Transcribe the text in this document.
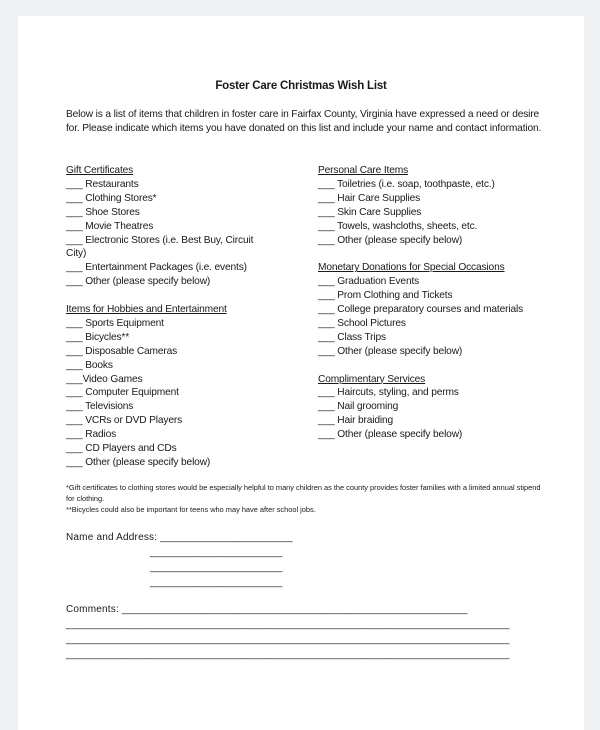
Foster Care Christmas Wish List
Below is a list of items that children in foster care in Fairfax County, Virginia have expressed a need or desire for. Please indicate which items you have donated on this list and include your name and contact information.
Gift Certificates
___ Restaurants
___ Clothing Stores*
___ Shoe Stores
___ Movie Theatres
___ Electronic Stores (i.e. Best Buy, Circuit City)
___ Entertainment Packages (i.e. events)
___ Other (please specify below)
Items for Hobbies and Entertainment
___ Sports Equipment
___ Bicycles**
___ Disposable Cameras
___ Books
___Video Games
___ Computer Equipment
___ Televisions
___ VCRs or DVD Players
___ Radios
___ CD Players and CDs
___ Other (please specify below)
Personal Care Items
___ Toiletries (i.e. soap, toothpaste, etc.)
___ Hair Care Supplies
___ Skin Care Supplies
___ Towels, washcloths, sheets, etc.
___ Other (please specify below)
Monetary Donations for Special Occasions
___ Graduation Events
___ Prom Clothing and Tickets
___ College preparatory courses and materials
___ School Pictures
___ Class Trips
___ Other (please specify below)
Complimentary Services
___ Haircuts, styling, and perms
___ Nail grooming
___ Hair braiding
___ Other (please specify below)
*Gift certificates to clothing stores would be especially helpful to many children as the county provides foster families with a limited annual stipend for clothing.
**Bicycles could also be important for teens who may have after school jobs.
Name and Address: _______________________
_______________________
_______________________
_______________________
Comments: ____________________________________________________________
_____________________________________________________________________________
_____________________________________________________________________________
_____________________________________________________________________________
